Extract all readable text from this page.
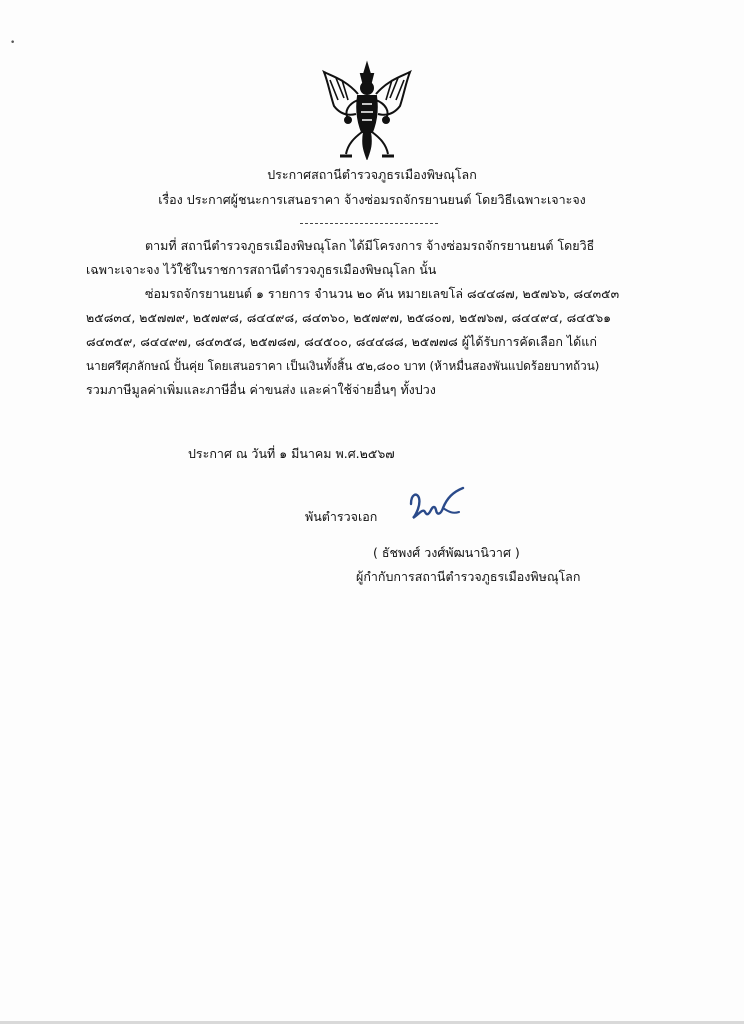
•
ประกาศสถานีตำรวจภูธรเมืองพิษณุโลก
เรื่อง ประกาศผู้ชนะการเสนอราคา จ้างซ่อมรถจักรยานยนต์ โดยวิธีเฉพาะเจาะจง
ตามที่ สถานีตำรวจภูธรเมืองพิษณุโลก ได้มีโครงการ จ้างซ่อมรถจักรยานยนต์ โดยวิธี
เฉพาะเจาะจง ไว้ใช้ในราชการสถานีตำรวจภูธรเมืองพิษณุโลก นั้น
ซ่อมรถจักรยานยนต์ ๑ รายการ จำนวน ๒๐ คัน หมายเลขโล่ ๘๔๔๘๗, ๒๕๗๖๖, ๘๔๓๕๓
๒๕๘๓๔, ๒๕๗๗๙, ๒๕๗๙๘, ๘๔๔๙๘, ๘๔๓๖๐, ๒๕๗๙๗, ๒๕๘๐๗, ๒๕๗๖๗, ๘๔๔๙๔, ๘๔๕๖๑
๘๔๓๕๙, ๘๔๔๙๗, ๘๔๓๕๘, ๒๕๗๘๗, ๘๔๕๐๐, ๘๔๔๘๘, ๒๕๗๗๘ ผู้ได้รับการคัดเลือก ได้แก่
นายศรีศุภลักษณ์ ปั้นคุ่ย โดยเสนอราคา เป็นเงินทั้งสิ้น ๕๒,๘๐๐ บาท (ห้าหมื่นสองพันแปดร้อยบาทถ้วน)
รวมภาษีมูลค่าเพิ่มและภาษีอื่น ค่าขนส่ง และค่าใช้จ่ายอื่นๆ ทั้งปวง
ประกาศ ณ วันที่ ๑ มีนาคม พ.ศ.๒๕๖๗
พันตำรวจเอก
( ธัชพงศ์ วงศ์พัฒนานิวาศ )
ผู้กำกับการสถานีตำรวจภูธรเมืองพิษณุโลก
